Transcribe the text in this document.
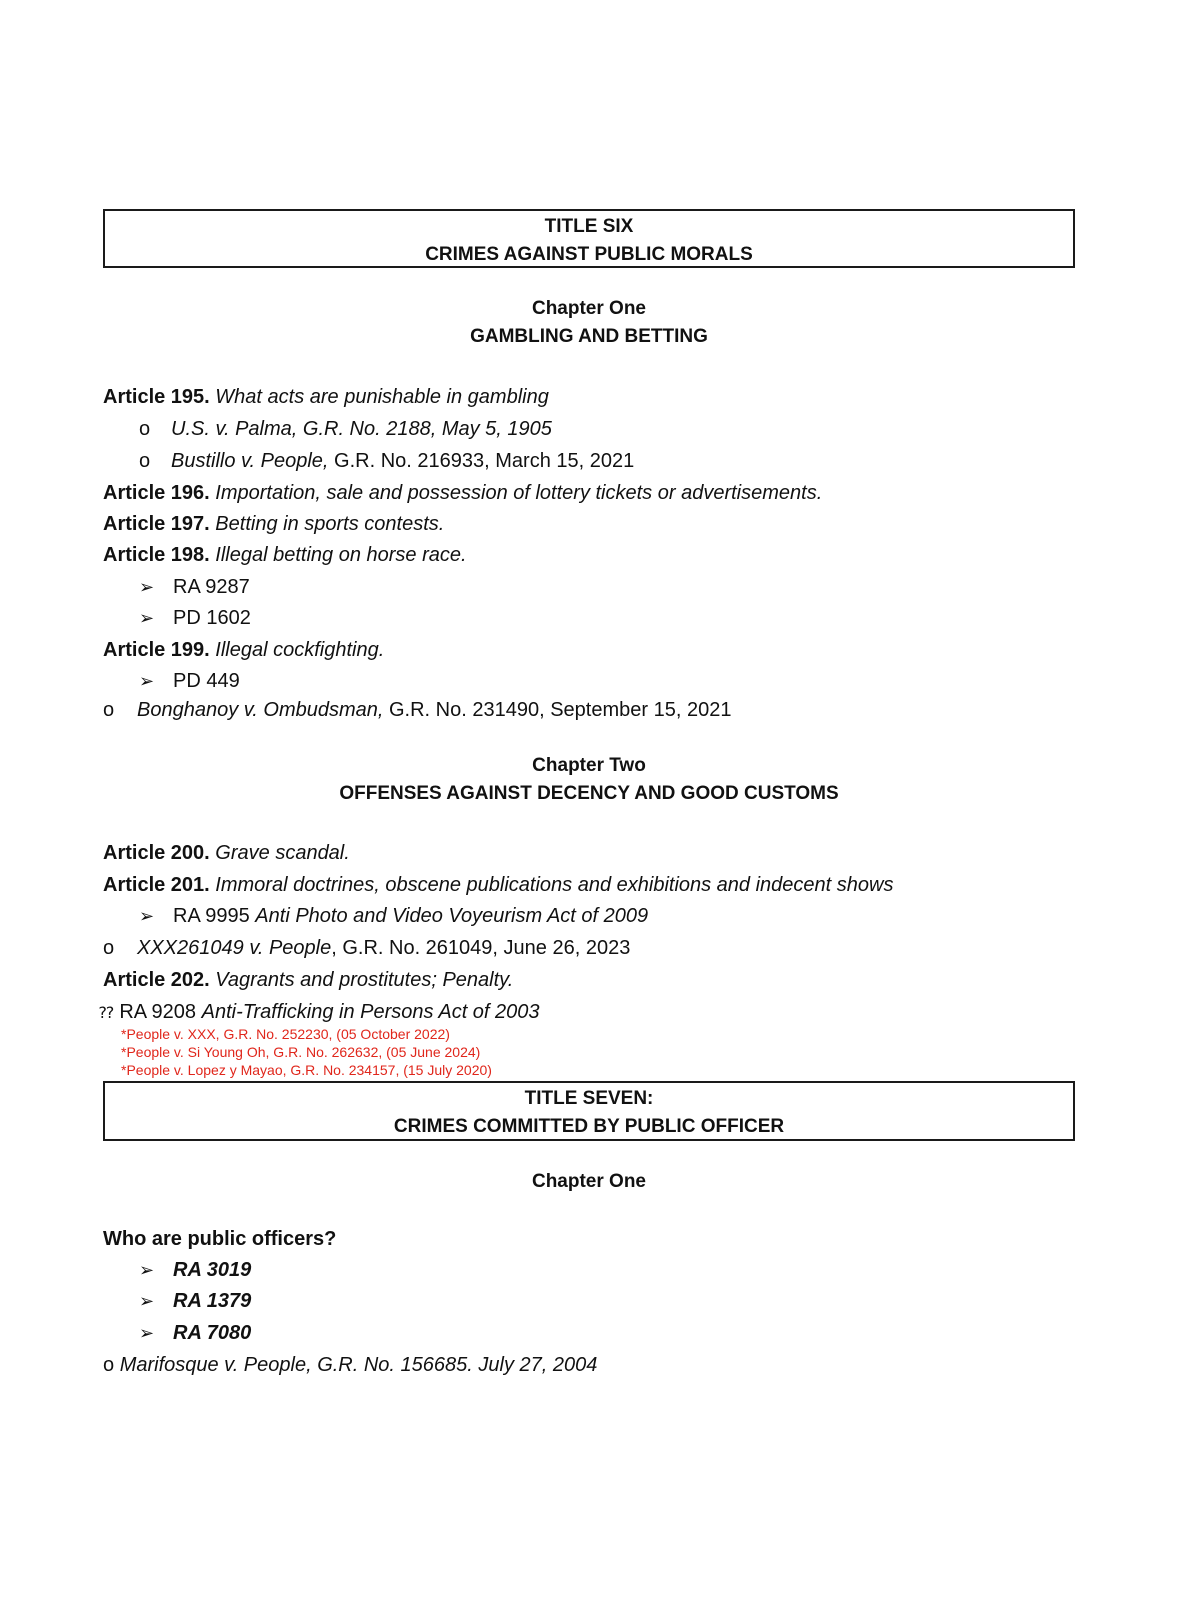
TITLE SIX
CRIMES AGAINST PUBLIC MORALS
Chapter One
GAMBLING AND BETTING
Article 195. What acts are punishable in gambling
o U.S. v. Palma, G.R. No. 2188, May 5, 1905
o Bustillo v. People, G.R. No. 216933, March 15, 2021
Article 196. Importation, sale and possession of lottery tickets or advertisements.
Article 197. Betting in sports contests.
Article 198. Illegal betting on horse race.
➢ RA 9287
➢ PD 1602
Article 199. Illegal cockfighting.
➢ PD 449
o Bonghanoy v. Ombudsman, G.R. No. 231490, September 15, 2021
Chapter Two
OFFENSES AGAINST DECENCY AND GOOD CUSTOMS
Article 200. Grave scandal.
Article 201. Immoral doctrines, obscene publications and exhibitions and indecent shows
➢ RA 9995 Anti Photo and Video Voyeurism Act of 2009
o XXX261049 v. People, G.R. No. 261049, June 26, 2023
Article 202. Vagrants and prostitutes; Penalty.
⁇ RA 9208 Anti-Trafficking in Persons Act of 2003
*People v. XXX, G.R. No. 252230, (05 October 2022)
*People v. Si Young Oh, G.R. No. 262632, (05 June 2024)
*People v. Lopez y Mayao, G.R. No. 234157, (15 July 2020)
TITLE SEVEN:
CRIMES COMMITTED BY PUBLIC OFFICER
Chapter One
Who are public officers?
➢ RA 3019
➢ RA 1379
➢ RA 7080
o Marifosque v. People, G.R. No. 156685. July 27, 2004
